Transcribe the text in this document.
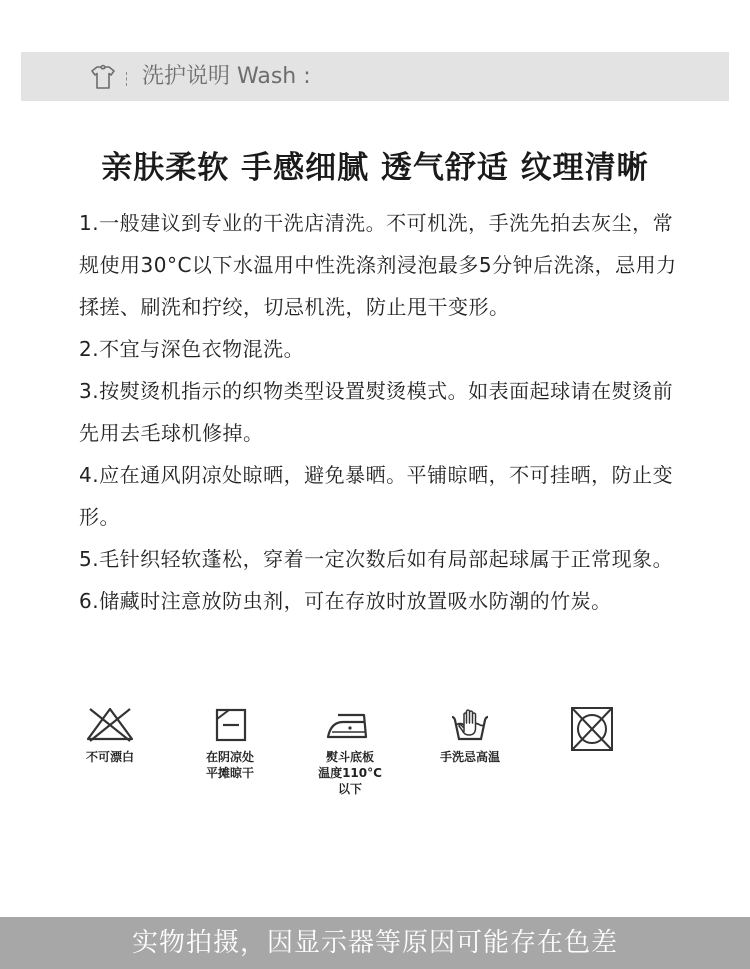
洗护说明 Wash :
亲肤柔软 手感细腻 透气舒适 纹理清晰
1.一般建议到专业的干洗店清洗。不可机洗，手洗先拍去灰尘，常规使用30°C以下水温用中性洗涤剂浸泡最多5分钟后洗涤，忌用力揉搓、刷洗和拧绞，切忌机洗，防止甩干变形。
2.不宜与深色衣物混洗。
3.按熨烫机指示的织物类型设置熨烫模式。如表面起球请在熨烫前先用去毛球机修掉。
4.应在通风阴凉处晾晒，避免暴晒。平铺晾晒，不可挂晒，防止变形。
5.毛针织轻软蓬松，穿着一定次数后如有局部起球属于正常现象。
6.储藏时注意放防虫剂，可在存放时放置吸水防潮的竹炭。
不可漂白	在阴凉处
平摊晾干
熨斗底板
温度110°C
以下
手洗忌高温
实物拍摄，因显示器等原因可能存在色差
